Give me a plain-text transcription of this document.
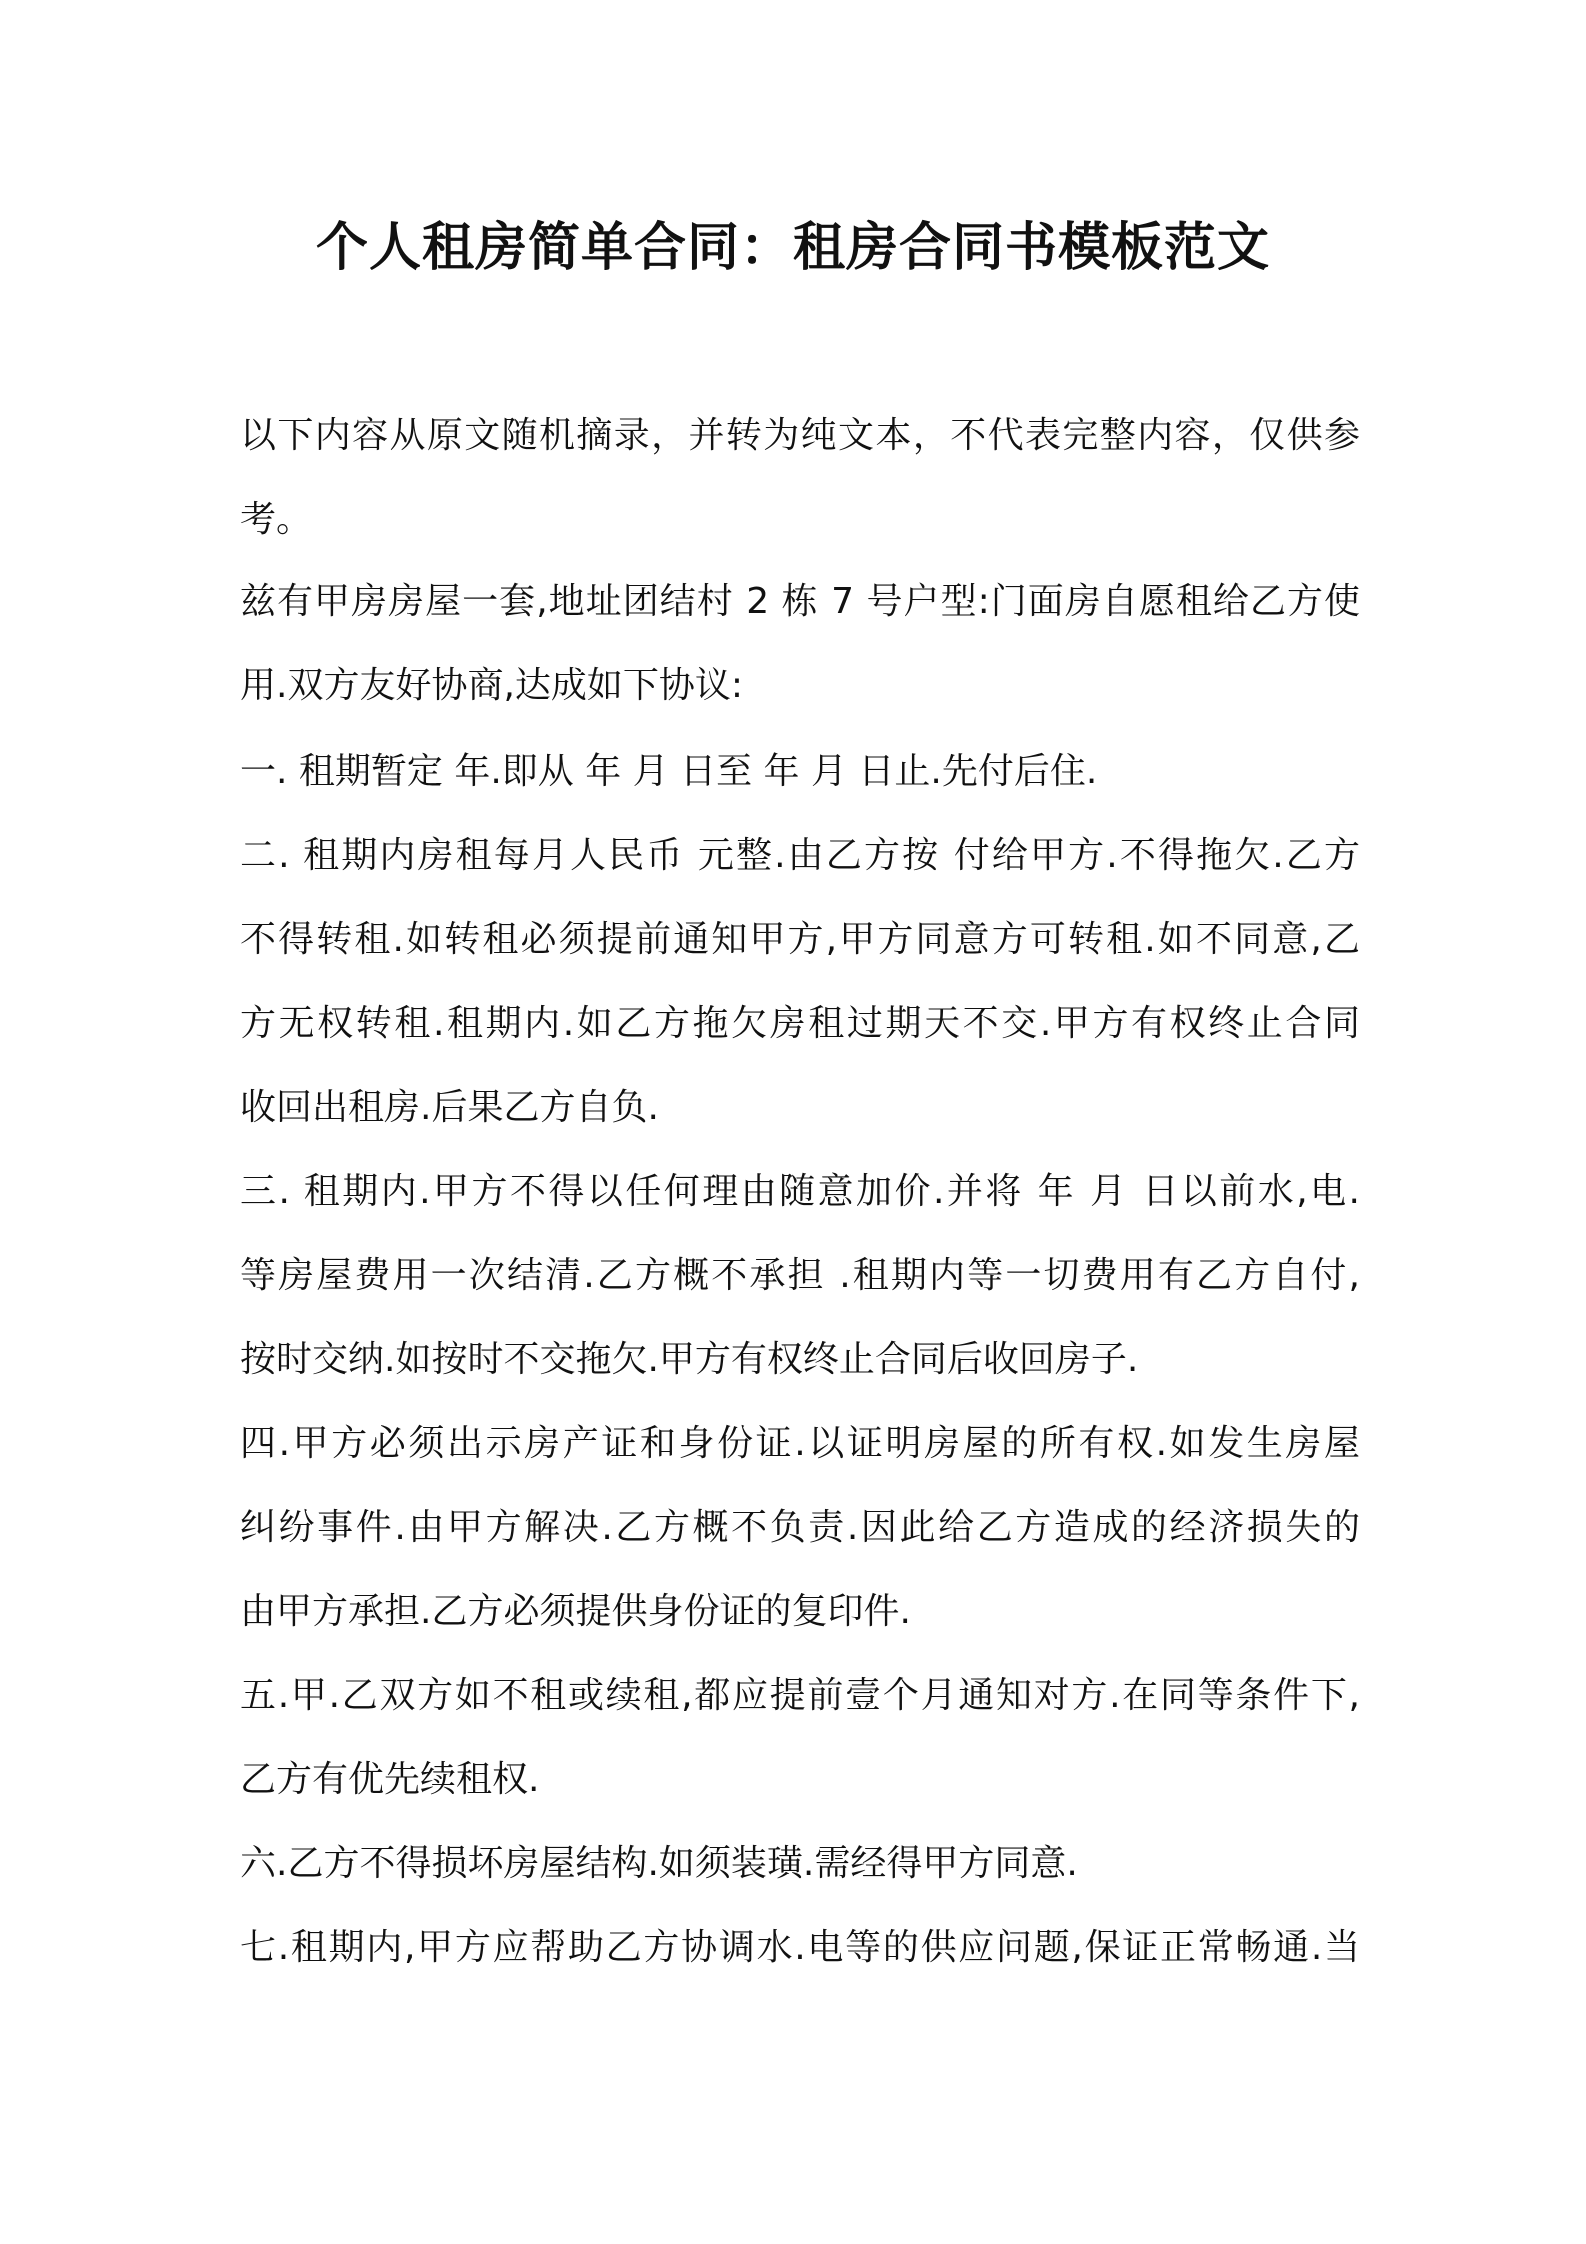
个人租房简单合同：租房合同书模板范文
以下内容从原文随机摘录，并转为纯文本，不代表完整内容，仅供参
考。
兹有甲房房屋一套,地址团结村 2 栋 7 号户型:门面房自愿租给乙方使
用.双方友好协商,达成如下协议:
一. 租期暂定 年.即从 年 月 日至 年 月 日止.先付后住.
二. 租期内房租每月人民币 元整.由乙方按 付给甲方.不得拖欠.乙方
不得转租.如转租必须提前通知甲方,甲方同意方可转租.如不同意,乙
方无权转租.租期内.如乙方拖欠房租过期天不交.甲方有权终止合同
收回出租房.后果乙方自负.
三. 租期内.甲方不得以任何理由随意加价.并将 年 月 日以前水,电.
等房屋费用一次结清.乙方概不承担 .租期内等一切费用有乙方自付,
按时交纳.如按时不交拖欠.甲方有权终止合同后收回房子.
四.甲方必须出示房产证和身份证.以证明房屋的所有权.如发生房屋
纠纷事件.由甲方解决.乙方概不负责.因此给乙方造成的经济损失的
由甲方承担.乙方必须提供身份证的复印件.
五.甲.乙双方如不租或续租,都应提前壹个月通知对方.在同等条件下,
乙方有优先续租权.
六.乙方不得损坏房屋结构.如须装璜.需经得甲方同意.
七.租期内,甲方应帮助乙方协调水.电等的供应问题,保证正常畅通.当
